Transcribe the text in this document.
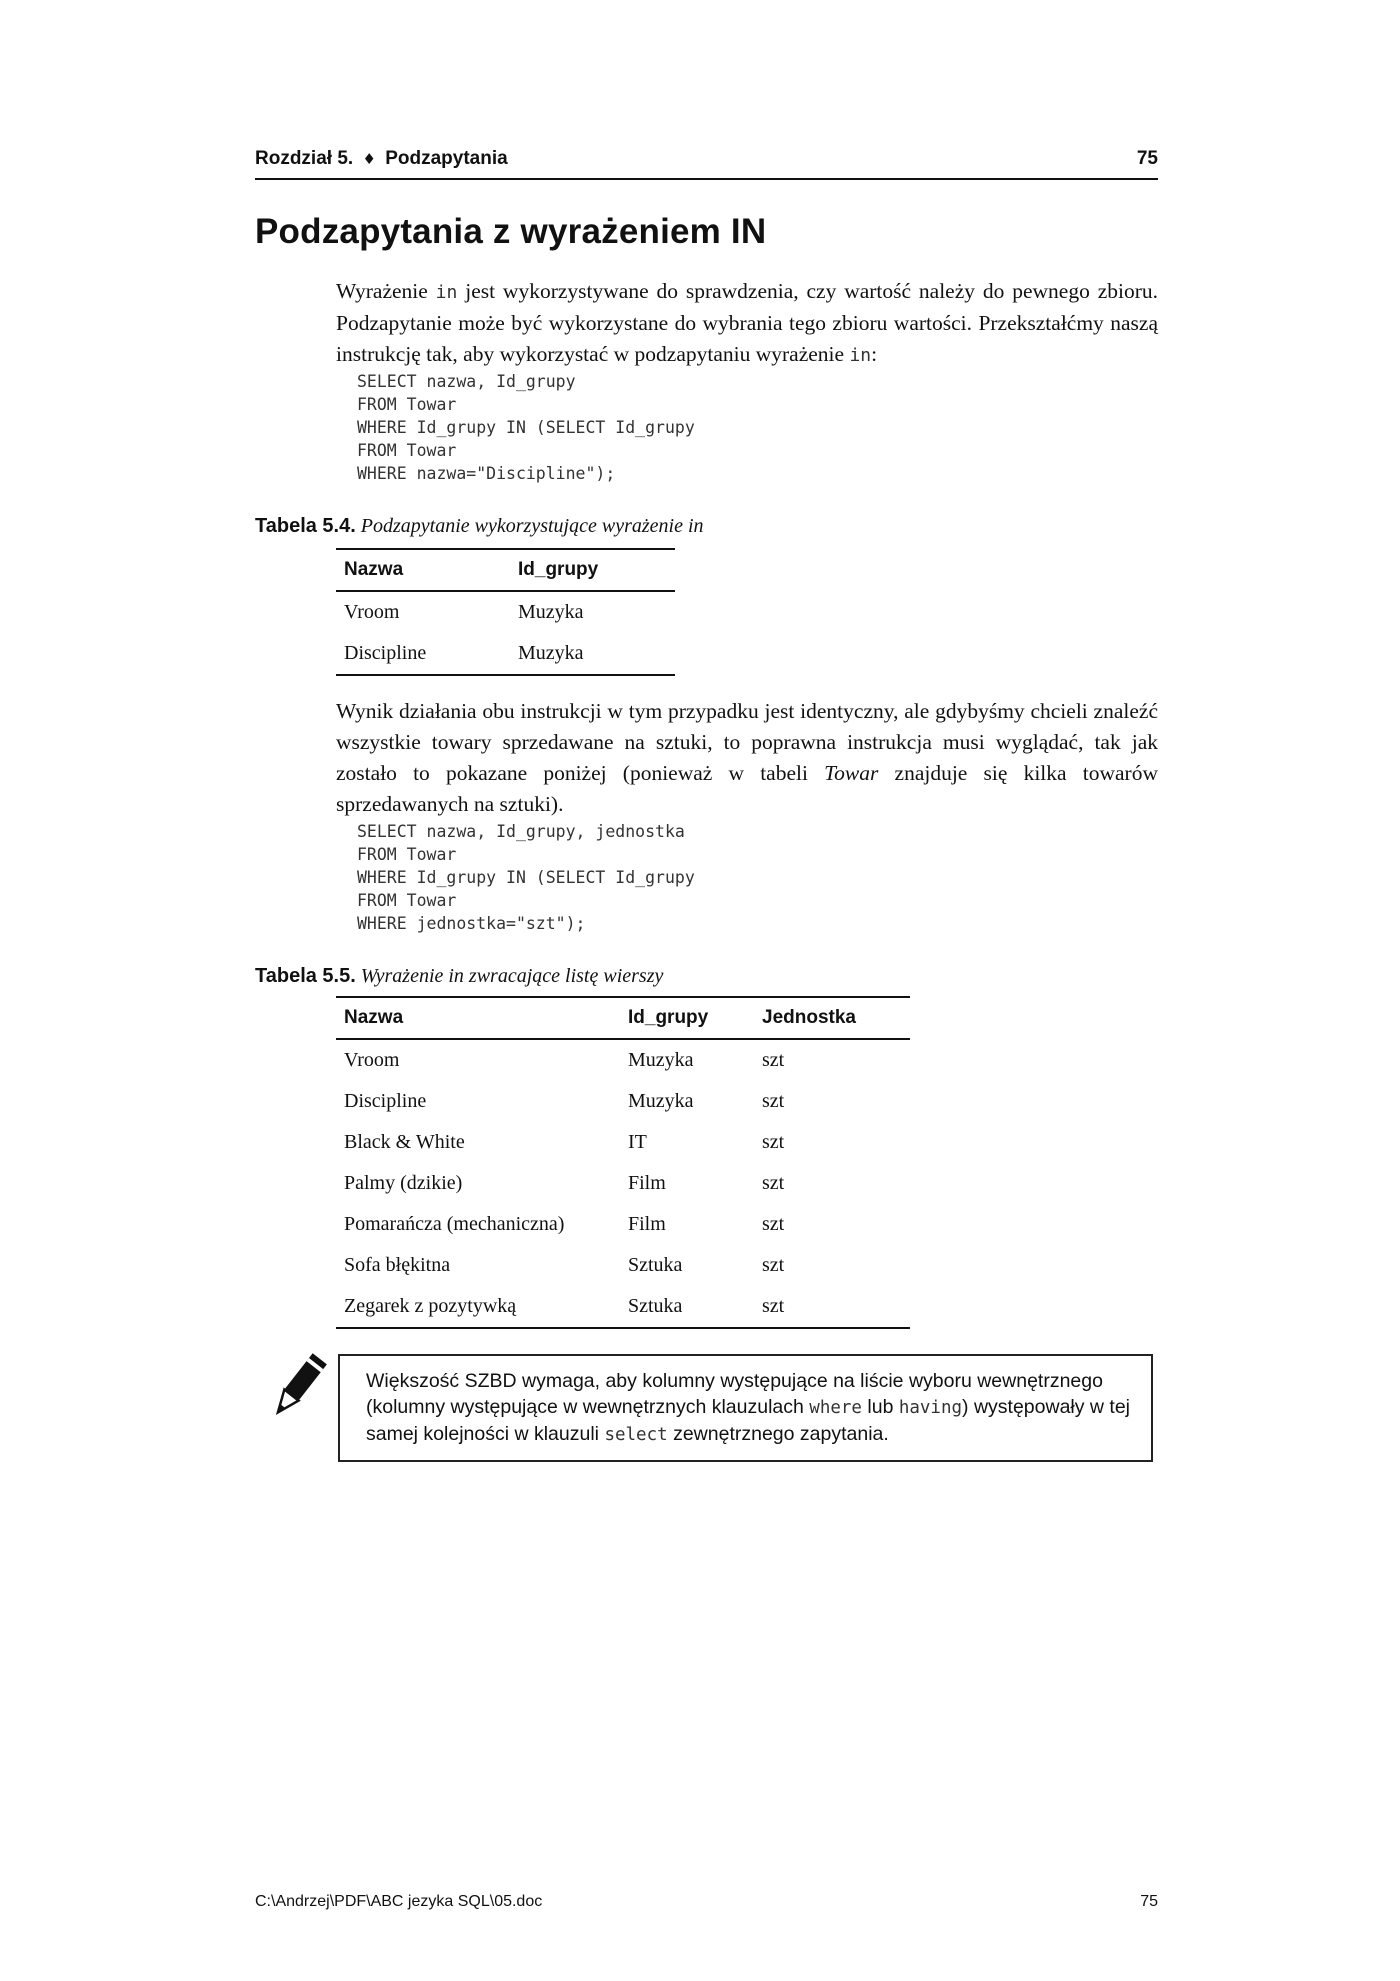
Rozdział 5. ♦ Podzapytania	75
Podzapytania z wyrażeniem IN

Wyrażenie in jest wykorzystywane do sprawdzenia, czy wartość należy do pewnego zbioru. Podzapytanie może być wykorzystane do wybrania tego zbioru wartości. Przekształćmy naszą instrukcję tak, aby wykorzystać w podzapytaniu wyrażenie in:

SELECT nazwa, Id_grupy
FROM Towar
WHERE Id_grupy IN (SELECT Id_grupy
FROM Towar
WHERE nazwa="Discipline");
Tabela 5.4. Podzapytanie wykorzystujące wyrażenie in
Nazwa	Id_grupy
Vroom	Muzyka
Discipline	Muzyka

Wynik działania obu instrukcji w tym przypadku jest identyczny, ale gdybyśmy chcieli znaleźć wszystkie towary sprzedawane na sztuki, to poprawna instrukcja musi wyglądać, tak jak zostało to pokazane poniżej (ponieważ w tabeli Towar znajduje się kilka towarów sprzedawanych na sztuki).

SELECT nazwa, Id_grupy, jednostka
FROM Towar
WHERE Id_grupy IN (SELECT Id_grupy
FROM Towar
WHERE jednostka="szt");
Tabela 5.5. Wyrażenie in zwracające listę wierszy
Nazwa	Id_grupy	Jednostka
Vroom	Muzyka	szt
Discipline	Muzyka	szt
Black & White	IT	szt
Palmy (dzikie)	Film	szt
Pomarańcza (mechaniczna)	Film	szt
Sofa błękitna	Sztuka	szt
Zegarek z pozytywką	Sztuka	szt

Większość SZBD wymaga, aby kolumny występujące na liście wyboru wewnętrznego (kolumny występujące w wewnętrznych klauzulach where lub having) występowały w tej samej kolejności w klauzuli select zewnętrznego zapytania.

C:\Andrzej\PDF\ABC jezyka SQL\05.doc	75
